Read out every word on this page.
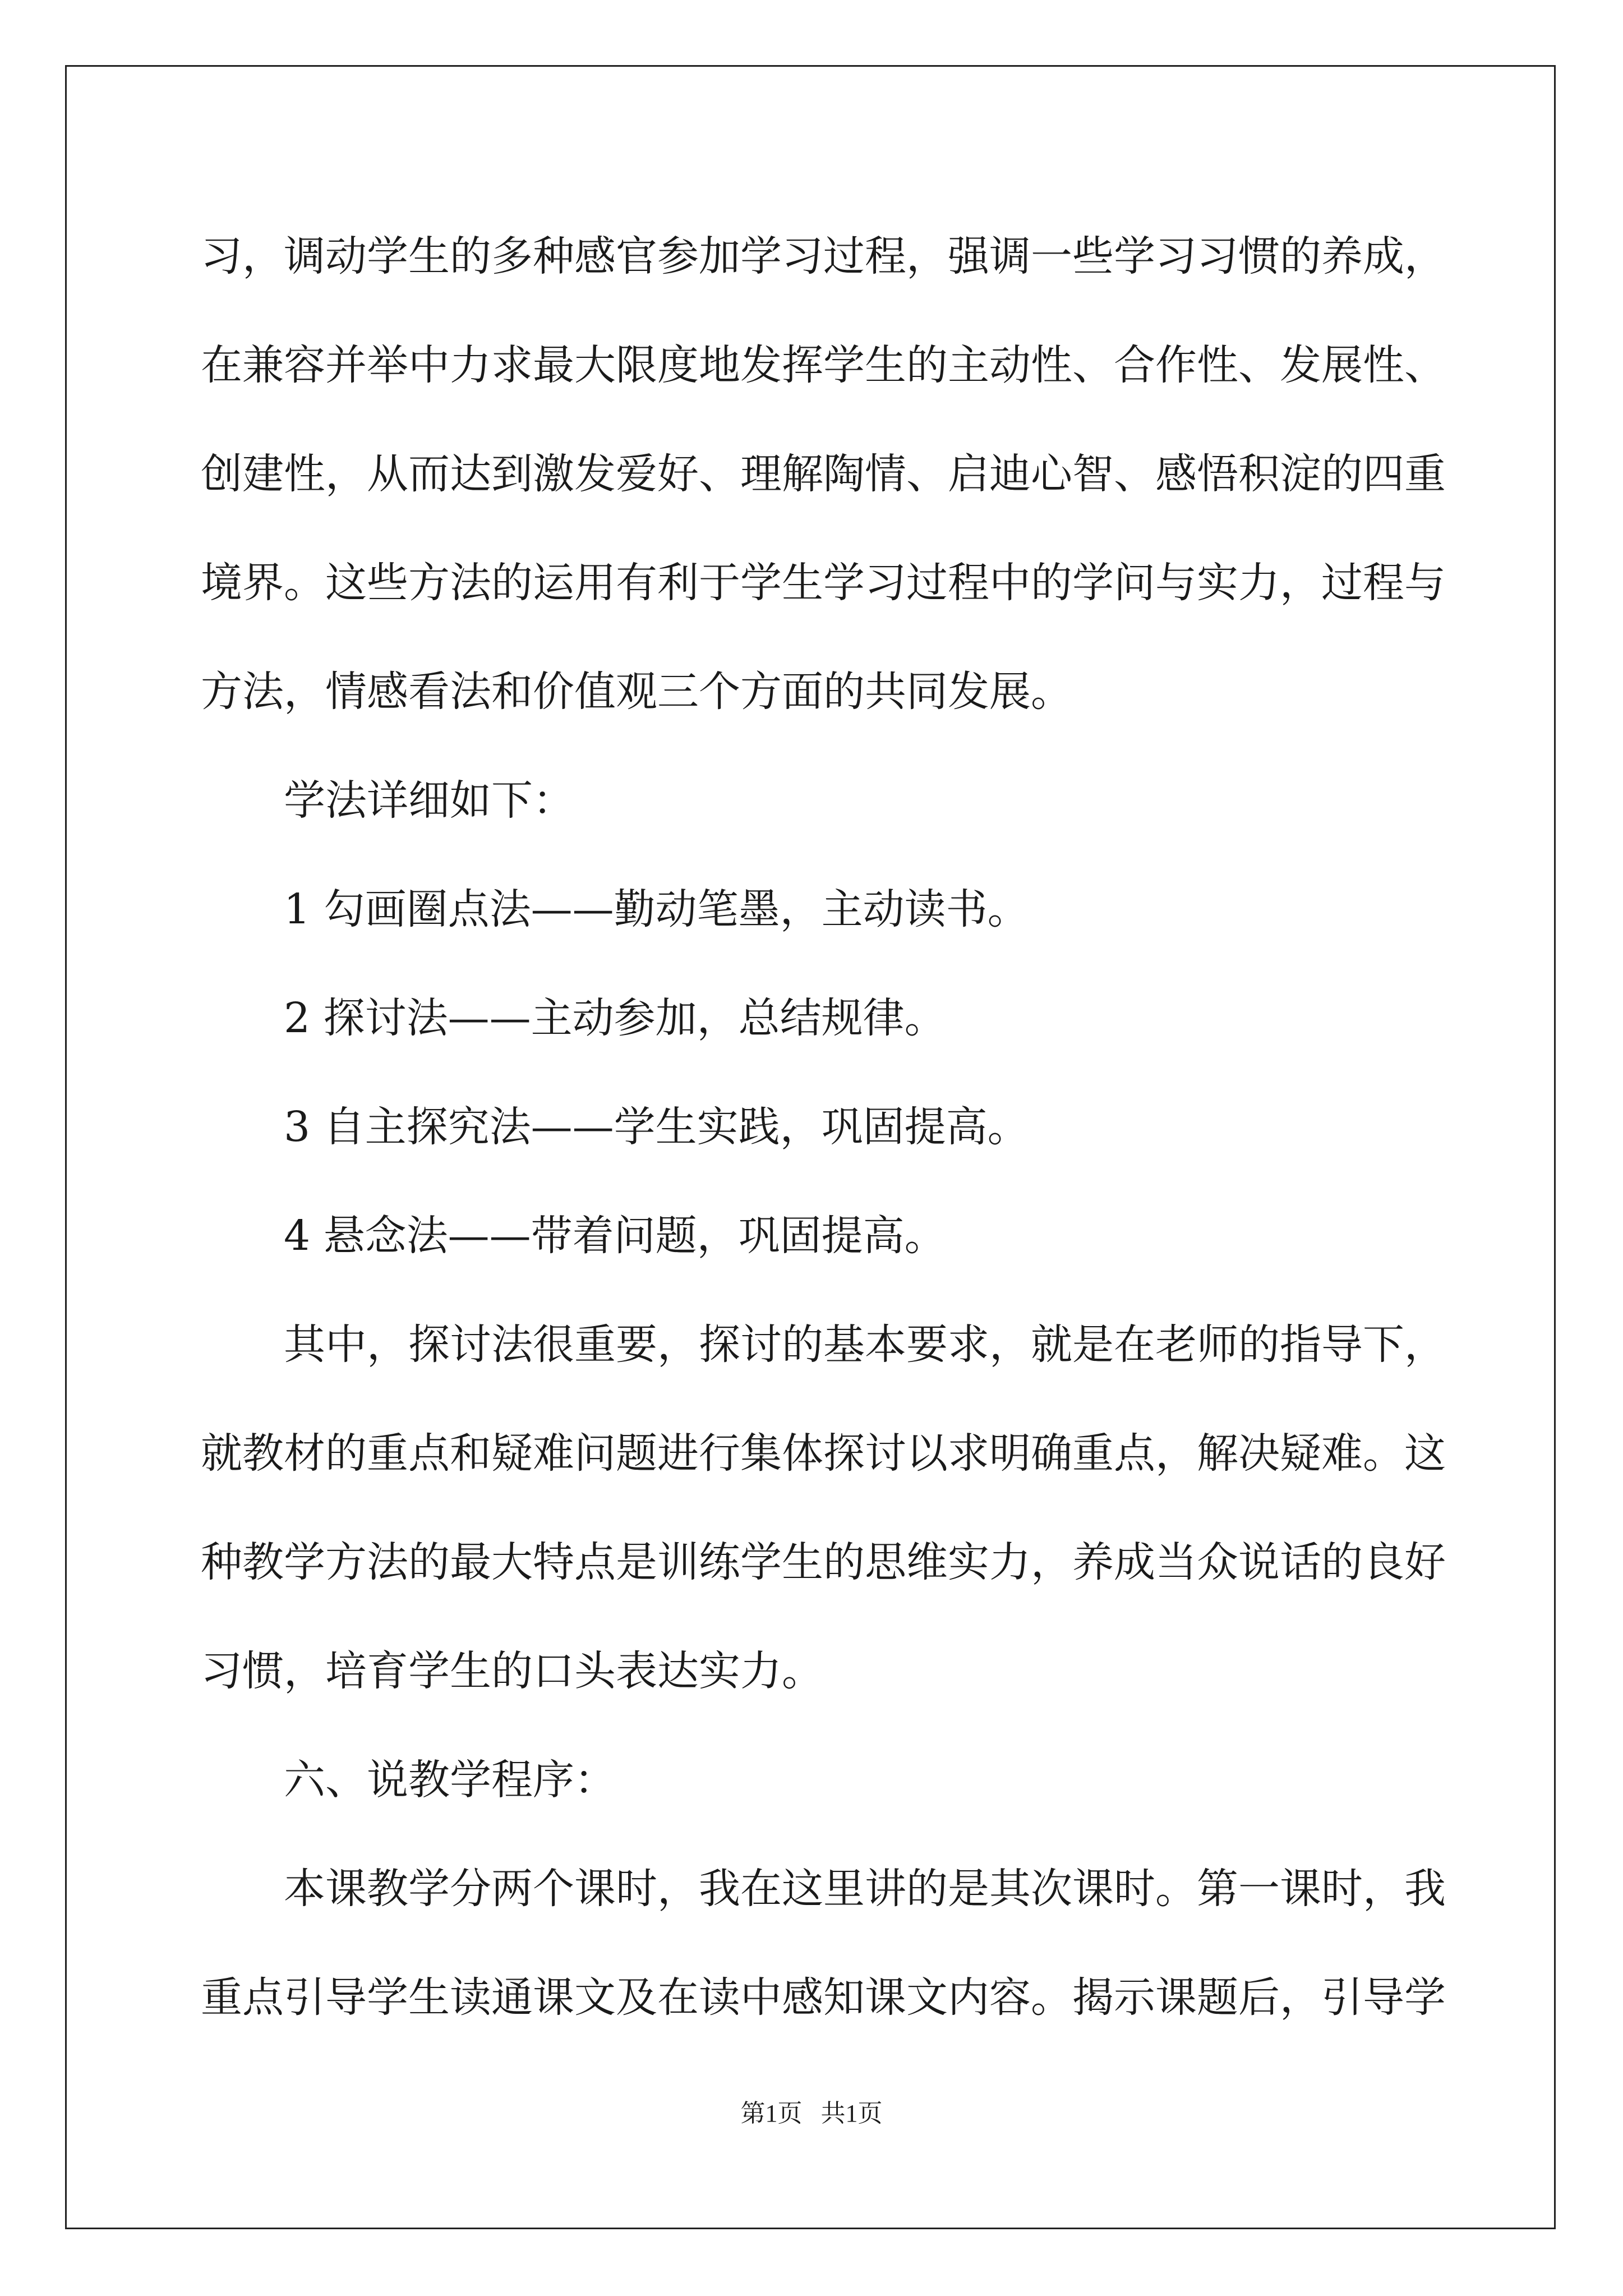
习，调动学生的多种感官参加学习过程，强调一些学习习惯的养成，
在兼容并举中力求最大限度地发挥学生的主动性、合作性、发展性、
创建性，从而达到激发爱好、理解陶情、启迪心智、感悟积淀的四重
境界。这些方法的运用有利于学生学习过程中的学问与实力，过程与
方法，情感看法和价值观三个方面的共同发展。
学法详细如下：
1 勾画圈点法——勤动笔墨，主动读书。
2 探讨法——主动参加，总结规律。
3 自主探究法——学生实践，巩固提高。
4 悬念法——带着问题，巩固提高。
其中，探讨法很重要，探讨的基本要求，就是在老师的指导下，
就教材的重点和疑难问题进行集体探讨以求明确重点，解决疑难。这
种教学方法的最大特点是训练学生的思维实力，养成当众说话的良好
习惯，培育学生的口头表达实力。
六、说教学程序：
本课教学分两个课时，我在这里讲的是其次课时。第一课时，我
重点引导学生读通课文及在读中感知课文内容。揭示课题后，引导学
第1页   共1页
